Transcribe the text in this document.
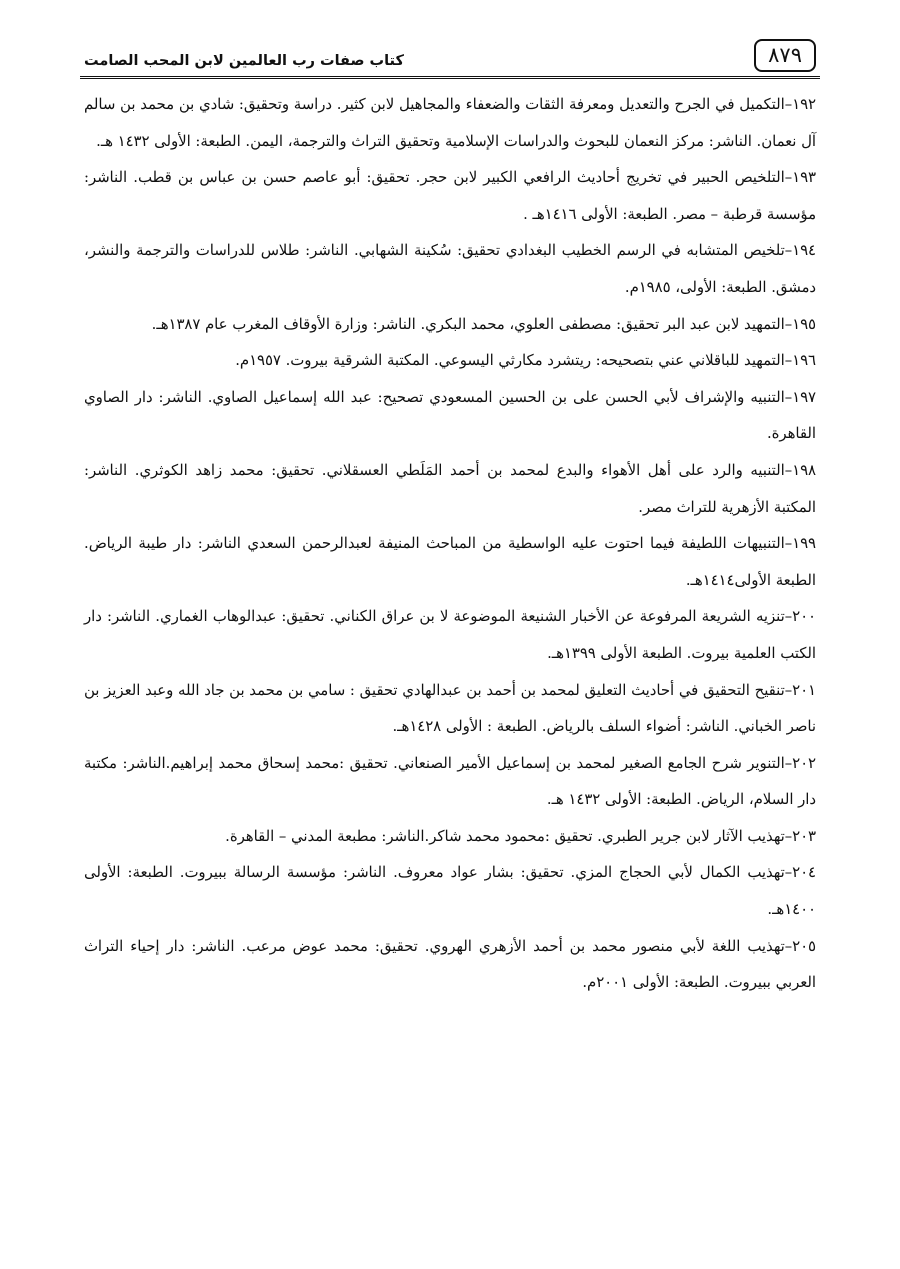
٨٧٩
كتاب صفات رب العالمين لابن المحب الصامت

١٩٢–التكميل في الجرح والتعديل ومعرفة الثقات والضعفاء والمجاهيل لابن كثير. دراسة وتحقيق: شادي بن محمد بن سالم آل نعمان. الناشر: مركز النعمان للبحوث والدراسات الإسلامية وتحقيق التراث والترجمة، اليمن. الطبعة: الأولى ١٤٣٢ هـ.

١٩٣–التلخيص الحبير في تخريج أحاديث الرافعي الكبير لابن حجر. تحقيق: أبو عاصم حسن بن عباس بن قطب. الناشر: مؤسسة قرطبة – مصر. الطبعة: الأولى ١٤١٦هـ .

١٩٤–تلخيص المتشابه في الرسم الخطيب البغدادي تحقيق: سُكينة الشهابي. الناشر: طلاس للدراسات والترجمة والنشر، دمشق. الطبعة: الأولى، ١٩٨٥م.

١٩٥–التمهيد لابن عبد البر تحقيق: مصطفى العلوي، محمد البكري. الناشر: وزارة الأوقاف المغرب عام ١٣٨٧هـ.

١٩٦–التمهيد للباقلاني عني بتصحيحه: ريتشرد مكارثي اليسوعي. المكتبة الشرقية بيروت. ١٩٥٧م.

١٩٧–التنبيه والإشراف لأبي الحسن على بن الحسين المسعودي تصحيح: عبد الله إسماعيل الصاوي. الناشر: دار الصاوي القاهرة.

١٩٨–التنبيه والرد على أهل الأهواء والبدع لمحمد بن أحمد المَلَطي العسقلاني. تحقيق: محمد زاهد الكوثري. الناشر: المكتبة الأزهرية للتراث مصر.

١٩٩–التنبيهات اللطيفة فيما احتوت عليه الواسطية من المباحث المنيفة لعبدالرحمن السعدي الناشر: دار طيبة الرياض. الطبعة الأولى١٤١٤هـ.

٢٠٠–تنزيه الشريعة المرفوعة عن الأخبار الشنيعة الموضوعة لا بن عراق الكناني. تحقيق: عبدالوهاب الغماري. الناشر: دار الكتب العلمية بيروت. الطبعة الأولى ١٣٩٩هـ.

٢٠١–تنقيح التحقيق في أحاديث التعليق لمحمد بن أحمد بن عبدالهادي تحقيق : سامي بن محمد بن جاد الله وعبد العزيز بن ناصر الخباني. الناشر: أضواء السلف بالرياض. الطبعة : الأولى ١٤٢٨هـ.

٢٠٢–التنوير شرح الجامع الصغير لمحمد بن إسماعيل الأمير الصنعاني. تحقيق :محمد إسحاق محمد إبراهيم.الناشر: مكتبة دار السلام، الرياض. الطبعة: الأولى ١٤٣٢ هـ.

٢٠٣–تهذيب الآثار لابن جرير الطبري. تحقيق :محمود محمد شاكر.الناشر: مطبعة المدني – القاهرة.

٢٠٤–تهذيب الكمال لأبي الحجاج المزي. تحقيق: بشار عواد معروف. الناشر: مؤسسة الرسالة ببيروت. الطبعة: الأولى ١٤٠٠هـ.

٢٠٥–تهذيب اللغة لأبي منصور محمد بن أحمد الأزهري الهروي. تحقيق: محمد عوض مرعب. الناشر: دار إحياء التراث العربي ببيروت. الطبعة: الأولى ٢٠٠١م.
